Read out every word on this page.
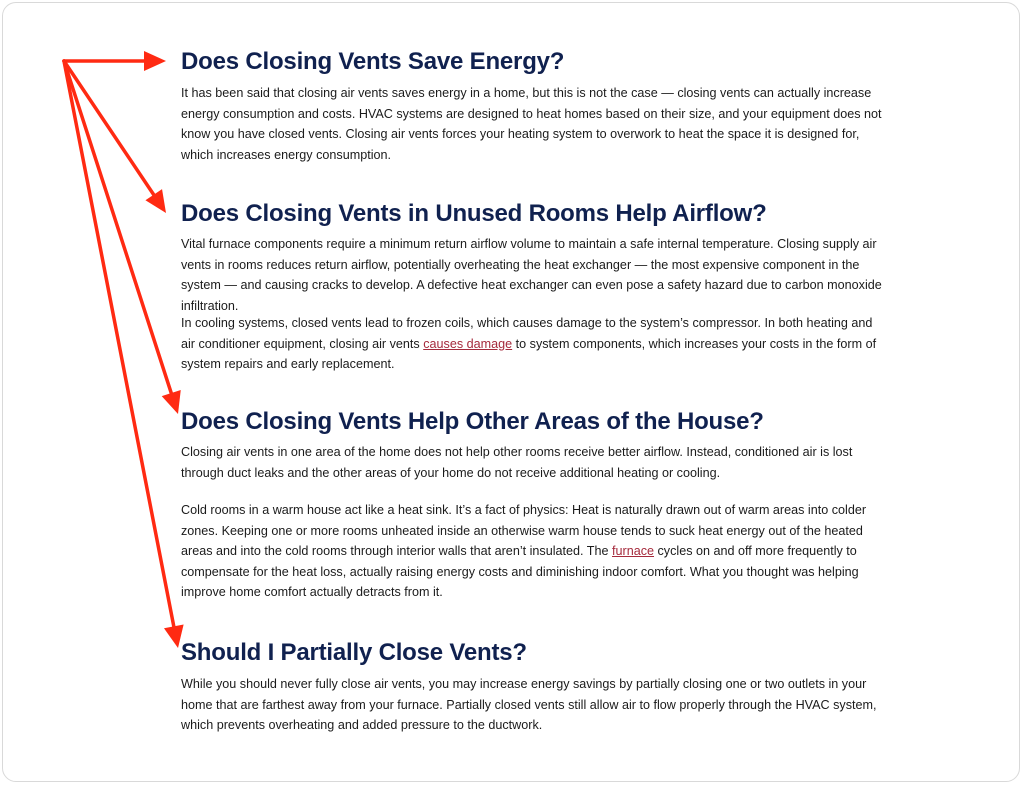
Does Closing Vents Save Energy?

It has been said that closing air vents saves energy in a home, but this is not the case — closing vents can actually increase energy consumption and costs. HVAC systems are designed to heat homes based on their size, and your equipment does not know you have closed vents. Closing air vents forces your heating system to overwork to heat the space it is designed for, which increases energy consumption.

Does Closing Vents in Unused Rooms Help Airflow?

Vital furnace components require a minimum return airflow volume to maintain a safe internal temperature. Closing supply air vents in rooms reduces return airflow, potentially overheating the heat exchanger — the most expensive component in the system — and causing cracks to develop. A defective heat exchanger can even pose a safety hazard due to carbon monoxide infiltration.

In cooling systems, closed vents lead to frozen coils, which causes damage to the system’s compressor. In both heating and air conditioner equipment, closing air vents causes damage to system components, which increases your costs in the form of system repairs and early replacement.

Does Closing Vents Help Other Areas of the House?

Closing air vents in one area of the home does not help other rooms receive better airflow. Instead, conditioned air is lost through duct leaks and the other areas of your home do not receive additional heating or cooling.

Cold rooms in a warm house act like a heat sink. It’s a fact of physics: Heat is naturally drawn out of warm areas into colder zones. Keeping one or more rooms unheated inside an otherwise warm house tends to suck heat energy out of the heated areas and into the cold rooms through interior walls that aren’t insulated. The furnace cycles on and off more frequently to compensate for the heat loss, actually raising energy costs and diminishing indoor comfort. What you thought was helping improve home comfort actually detracts from it.

Should I Partially Close Vents?

While you should never fully close air vents, you may increase energy savings by partially closing one or two outlets in your home that are farthest away from your furnace. Partially closed vents still allow air to flow properly through the HVAC system, which prevents overheating and added pressure to the ductwork.
